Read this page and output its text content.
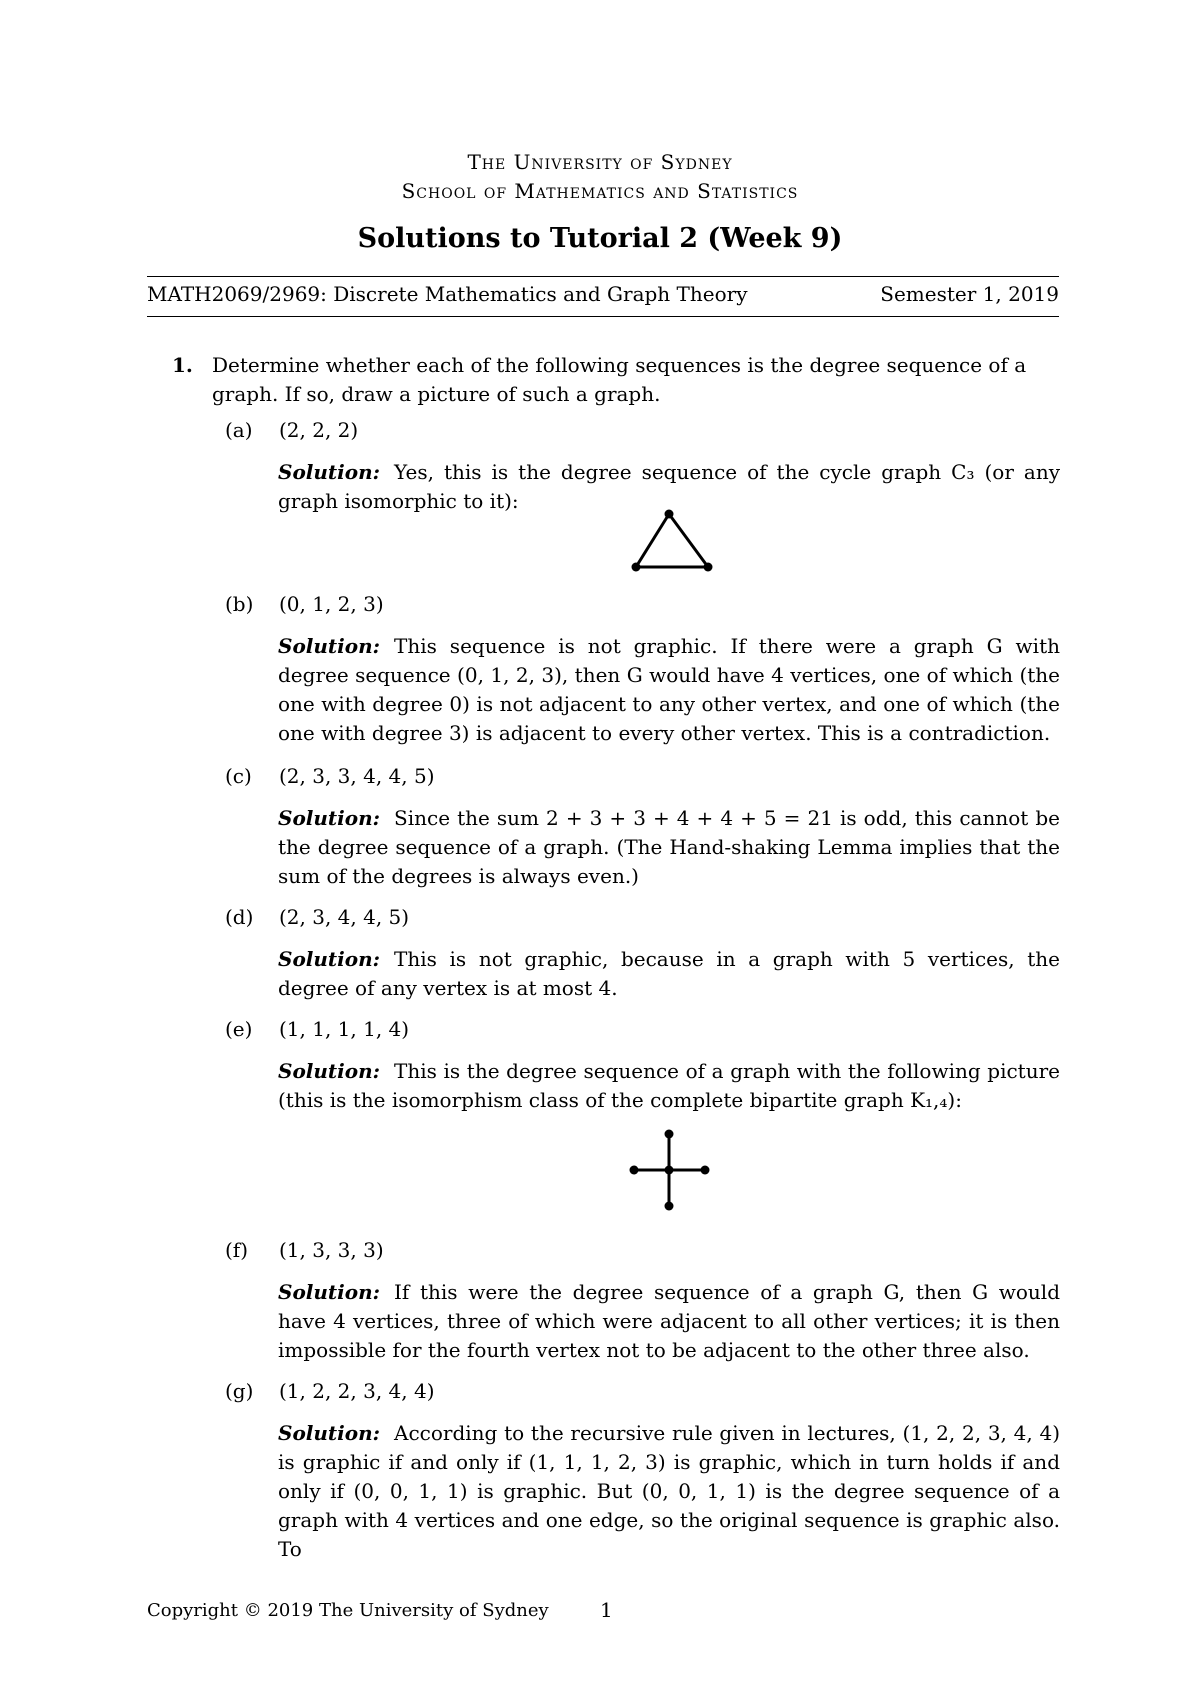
The University of Sydney
School of Mathematics and Statistics
Solutions to Tutorial 2 (Week 9)
MATH2069/2969: Discrete Mathematics and Graph Theory	Semester 1, 2019
1. Determine whether each of the following sequences is the degree sequence of a graph. If so, draw a picture of such a graph.
(a) (2, 2, 2)
Solution: Yes, this is the degree sequence of the cycle graph C₃ (or any graph isomorphic to it):
(b) (0, 1, 2, 3)
Solution: This sequence is not graphic. If there were a graph G with degree sequence (0, 1, 2, 3), then G would have 4 vertices, one of which (the one with degree 0) is not adjacent to any other vertex, and one of which (the one with degree 3) is adjacent to every other vertex. This is a contradiction.
(c) (2, 3, 3, 4, 4, 5)
Solution: Since the sum 2 + 3 + 3 + 4 + 4 + 5 = 21 is odd, this cannot be the degree sequence of a graph. (The Hand-shaking Lemma implies that the sum of the degrees is always even.)
(d) (2, 3, 4, 4, 5)
Solution: This is not graphic, because in a graph with 5 vertices, the degree of any vertex is at most 4.
(e) (1, 1, 1, 1, 4)
Solution: This is the degree sequence of a graph with the following picture (this is the isomorphism class of the complete bipartite graph K₁,₄):
(f) (1, 3, 3, 3)
Solution: If this were the degree sequence of a graph G, then G would have 4 vertices, three of which were adjacent to all other vertices; it is then impossible for the fourth vertex not to be adjacent to the other three also.
(g) (1, 2, 2, 3, 4, 4)
Solution: According to the recursive rule given in lectures, (1, 2, 2, 3, 4, 4) is graphic if and only if (1, 1, 1, 2, 3) is graphic, which in turn holds if and only if (0, 0, 1, 1) is graphic. But (0, 0, 1, 1) is the degree sequence of a graph with 4 vertices and one edge, so the original sequence is graphic also. To
Copyright © 2019 The University of Sydney	1
